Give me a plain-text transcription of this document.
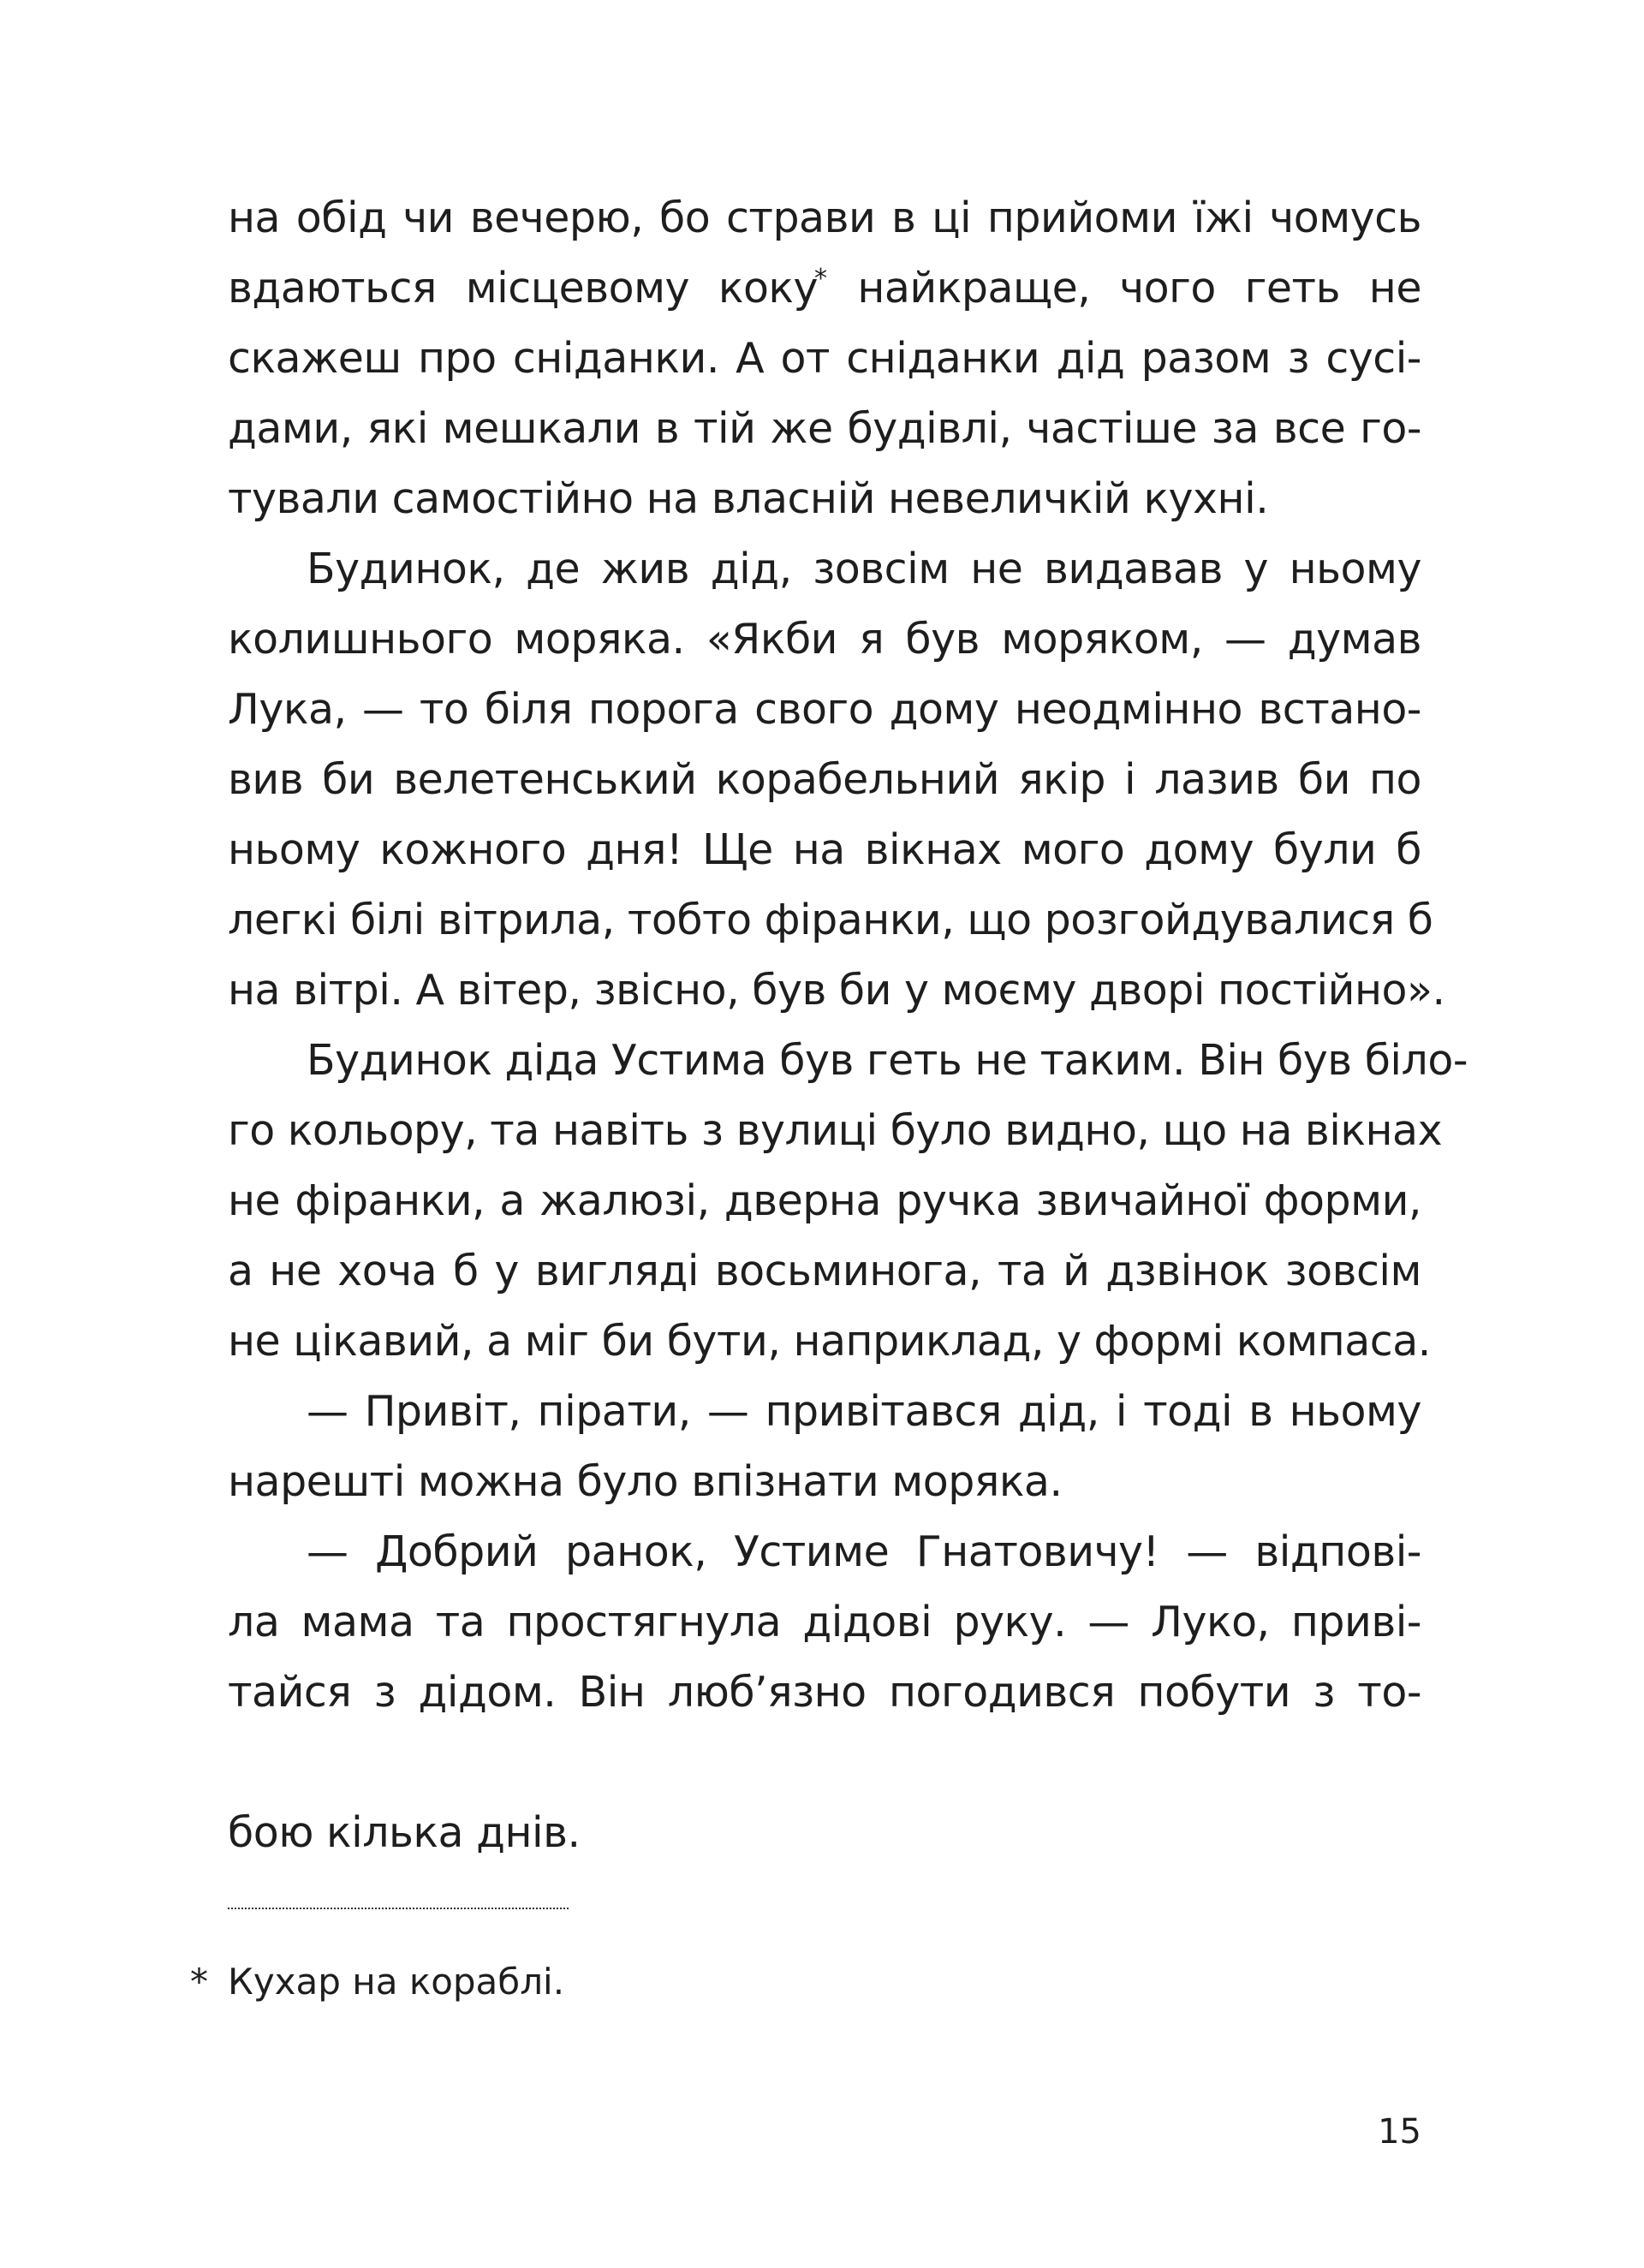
на обід чи вечерю, бо страви в ці прийоми їжі чомусь
вдаються місцевому коку* найкраще, чого геть не
скажеш про сніданки. А от сніданки дід разом з сусі-
дами, які мешкали в тій же будівлі, частіше за все го-
тували самостійно на власній невеличкій кухні.
Будинок, де жив дід, зовсім не видавав у ньому
колишнього моряка. «Якби я був моряком, — думав
Лука, — то біля порога свого дому неодмінно встано-
вив би велетенський корабельний якір і лазив би по
ньому кожного дня! Ще на вікнах мого дому були б
легкі білі вітрила, тобто фіранки, що розгойдувалися б
на вітрі. А вітер, звісно, був би у моєму дворі постійно».
Будинок діда Устима був геть не таким. Він був біло-
го кольору, та навіть з вулиці було видно, що на вікнах
не фіранки, а жалюзі, дверна ручка звичайної форми,
а не хоча б у вигляді восьминога, та й дзвінок зовсім
не цікавий, а міг би бути, наприклад, у формі компаса.
— Привіт, пірати, — привітався дід, і тоді в ньому
нарешті можна було впізнати моряка.
— Добрий ранок, Устиме Гнатовичу! — відпові-
ла мама та простягнула дідові руку. — Луко, приві-
тайся з дідом. Він люб’язно погодився побути з то-
бою кілька днів.
* Кухар на кораблі.
15
